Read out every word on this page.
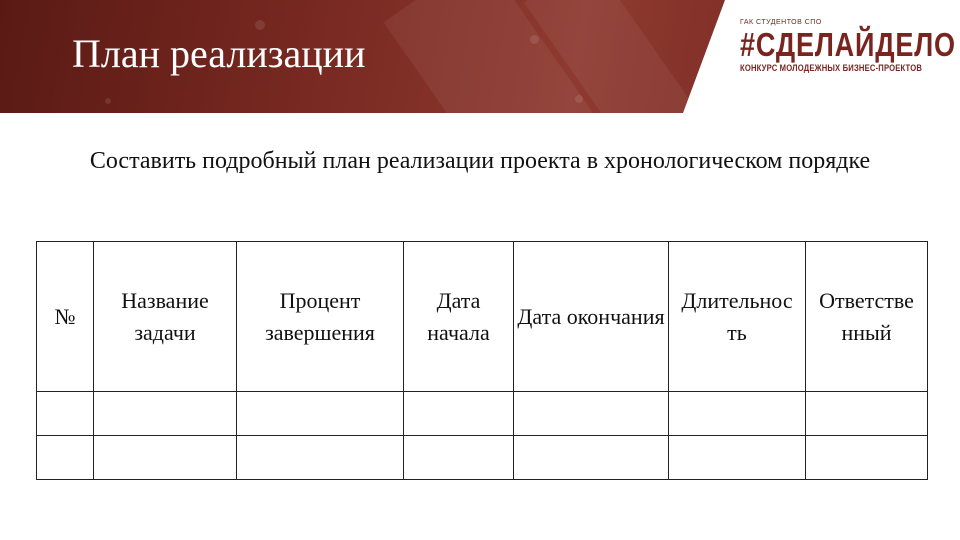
План реализации
ГАК СТУДЕНТОВ СПО
#СДЕЛАЙДЕЛО
КОНКУРС МОЛОДЕЖНЫХ БИЗНЕС-ПРОЕКТОВ
Составить подробный план реализации проекта в хронологическом порядке
№	Название задачи	Процент завершения	Дата начала	Дата окончания	Длительнос ть	Ответстве нный
